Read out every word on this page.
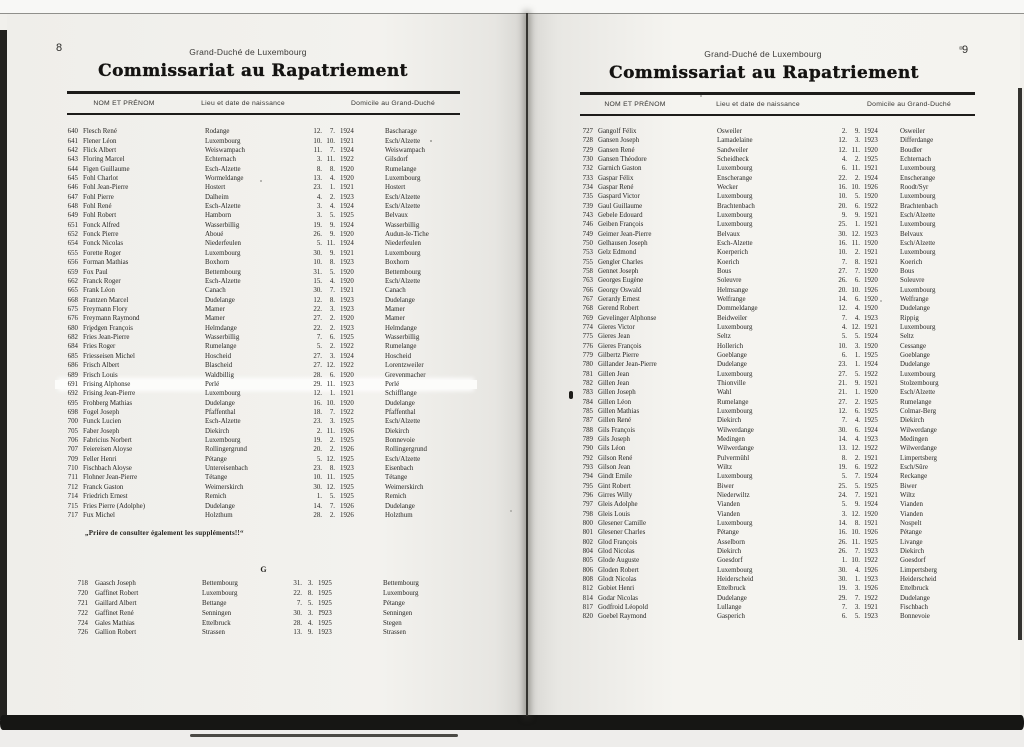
8	Grand-Duché de Luxembourg
Commissariat au Rapatriement
NOM ET PRÉNOM	Lieu et date de naissance	Domicile au Grand-Duché
640 Flesch René	Rodange	12.	7. 1924	Bascharage
641 Flener Léon	Luxembourg	10. 10. 1921	Esch/Alzette
642 Flick Albert	Weiswampach	11.	7. 1924	Weiswampach
643 Floring Marcel	Echternach	3. 11. 1922	Gilsdorf
644 Figen Guillaume	Esch-Alzette	8.	8. 1920	Rumelange
645 Fohl Charlot	Wormeldange	13.	4. 1920	Luxembourg
646 Fohl Jean-Pierre	Hostert	23.	1. 1921	Hostert
647 Fohl Pierre	Dalheim	4.	2. 1923	Esch/Alzette
648 Fohl René	Esch-Alzette	3.	4. 1924	Esch/Alzette
649 Fohl Robert	Hamborn	3.	5. 1925	Belvaux
651 Fonck Alfred	Wasserbillig	19.	9. 1924	Wasserbillig
652 Fonck Pierre	Aboué	26.	9. 1920	Audun-le-Tiche
654 Fonck Nicolas	Niederfeulen	5. 11. 1924	Niederfeulen
655 Forette Roger	Luxembourg	30.	9. 1921	Luxembourg
656 Forman Mathias	Boxhorn	10.	8. 1923	Boxhorn
659 Fox Paul	Bettembourg	31.	5. 1920	Bettembourg
662 Franck Roger	Esch-Alzette	15.	4. 1920	Esch/Alzette
665 Frank Léon	Canach	30.	7. 1921	Canach
668 Frantzen Marcel	Dudelange	12.	8. 1923	Dudelange
675 Freymann Flory	Mamer	22.	3. 1923	Mamer
676 Freymann Raymond	Mamer	27.	2. 1920	Mamer
680 Friedgen François	Helmdange	22.	2. 1923	Helmdange
682 Fries Jean-Pierre	Wasserbillig	7.	6. 1925	Wasserbillig
684 Fries Roger	Rumelange	5.	2. 1922	Rumelange
685 Friesseisen Michel	Hoscheid	27.	3. 1924	Hoscheid
686 Frisch Albert	Blascheid	27. 12. 1922	Lorentzweiler
689 Frisch Louis	Waldbillig	28.	6. 1920	Grevenmacher
691 Frising Alphonse	Perlé	29. 11. 1923	Perlé
692 Frising Jean-Pierre	Luxembourg	12.	1. 1921	Schifflange
695 Frohberg Mathias	Dudelange	16. 10. 1920	Dudelange
698 Fogel Joseph	Pfaffenthal	18.	7. 1922	Pfaffenthal
700 Funck Lucien	Esch-Alzette	23.	3. 1925	Esch/Alzette
705 Faber Joseph	Diekirch	2. 11. 1926	Diekirch
706 Fabricius Norbert	Luxembourg	19.	2. 1925	Bonnevoie
707 Feiereisen Aloyse	Rollingergrund	20.	2. 1926	Rollingergrund
709 Feller Henri	Pétange	5. 12. 1925	Esch/Alzette
710 Fischbach Aloyse	Untereisenbach	23.	8. 1923	Eisenbach
711 Flohner Jean-Pierre	Tétange	10. 11. 1925	Tétange
712 Franck Gaston	Weimerskirch	30. 12. 1925	Weimerskirch
714 Friedrich Ernest	Remich	1.	5. 1925	Remich
715 Fries Pierre (Adolphe)	Dudelange	14.	7. 1926	Dudelange
717 Fux Michel	Holzthum	28.	2. 1926	Holzthum
„Prière de consulter également les suppléments!!“
G
718 Gaasch Joseph	Bettembourg	31. 3. 1925	Bettembourg
720 Gaffinet Robert	Luxembourg	22. 8. 1925	Luxembourg
721 Gaillard Albert	Bettange	7. 5. 1925	Pétange
722 Gaffinet René	Senningen	30. 3. 1923	Senningen
724 Gales Mathias	Ettelbruck	28. 4. 1925	Stegen
726 Gallion Robert	Strassen	13. 9. 1923	Strassen
9
Grand-Duché de Luxembourg
Commissariat au Rapatriement
NOM ET PRÉNOM	Lieu et date de naissance	Domicile au Grand-Duché
727 Gangolf Félix	Osweiler	2.	9. 1924	Osweiler
728 Gansen Joseph	Lamadelaine	12.	3. 1923	Differdange
729 Gansen René	Sandweiler	12. 11. 1920	Boudler
730 Gansen Théodore	Scheidheck	4.	2. 1925	Echternach
732 Garnich Gaston	Luxembourg	6. 11. 1921	Luxembourg
733 Gaspar Félix	Enscherange	22.	2. 1924	Enscherange
734 Gaspar René	Wecker	16. 10. 1926	Roodt/Syr
735 Gaspard Victor	Luxembourg	10.	5. 1920	Luxembourg
739 Gaul Guillaume	Brachtenbach	20.	6. 1922	Brachtenbach
743 Gebele Edouard	Luxembourg	9.	9. 1921	Esch/Alzette
746 Geiben François	Luxembourg	25.	1. 1921	Luxembourg
749 Geimer Jean-Pierre	Belvaux	30. 12. 1923	Belvaux
750 Gelhausen Joseph	Esch-Alzette	16. 11. 1920	Esch/Alzette
753 Gelz Edmond	Koerperich	10.	2. 1921	Luxembourg
755 Gengler Charles	Koerich	7.	8. 1921	Koerich
758 Gennet Joseph	Bous	27.	7. 1920	Bous
763 Georges Eugène	Soleuvre	26.	6. 1920	Soleuvre
766 Georgy Oswald	Helmsange	20. 10. 1926	Luxembourg
767 Gerardy Ernest	Welfrange	14.	6. 1920	Welfrange
768 Gerend Robert	Dommeldange	12.	4. 1920	Dudelange
769 Gevelinger Alphonse	Beidweiler	7.	4. 1923	Rippig
774 Gieres Victor	Luxembourg	4. 12. 1921	Luxembourg
775 Gieres Jean	Seltz	5.	5. 1924	Seltz
776 Gieres François	Hollerich	10.	3. 1920	Cessange
779 Gilbertz Pierre	Goeblange	6.	1. 1925	Goeblange
780 Gillander Jean-Pierre	Dudelange	23.	1. 1924	Dudelange
781 Gillen Jean	Luxembourg	27.	5. 1922	Luxembourg
782 Gillen Jean	Thionville	21.	9. 1921	Stolzembourg
783 Gillen Joseph	Wahl	21.	1. 1920	Esch/Alzette
784 Gillen Léon	Rumelange	27.	2. 1925	Rumelange
785 Gillen Mathias	Luxembourg	12.	6. 1925	Colmar-Berg
787 Gillen René	Diekirch	7.	4. 1925	Diekirch
788 Gils François	Wilwerdange	30.	6. 1924	Wilwerdange
789 Gils Joseph	Medingen	14.	4. 1923	Medingen
790 Gils Léon	Wilwerdange	13. 12. 1922	Wilwerdange
792 Gilson René	Pulvermühl	8.	2. 1921	Limpertsberg
793 Gilson Jean	Wiltz	19.	6. 1922	Esch/Sûre
794 Gindt Emile	Luxembourg	5.	7. 1924	Reckange
795 Gint Robert	Biwer	25.	5. 1925	Biwer
796 Girres Willy	Niederwiltz	24.	7. 1921	Wiltz
797 Gleis Adolphe	Vianden	5.	9. 1924	Vianden
798 Gleis Louis	Vianden	3. 12. 1920	Vianden
800 Glesener Camille	Luxembourg	14.	8. 1921	Nospelt
801 Glesener Charles	Pétange	16. 10. 1926	Pétange
802 Glod François	Asselborn	26. 11. 1925	Livange
804 Glod Nicolas	Diekirch	26.	7. 1923	Diekirch
805 Glode Auguste	Goesdorf	1. 10. 1922	Goesdorf
806 Gloden Robert	Luxembourg	30.	4. 1926	Limpertsberg
808 Glodt Nicolas	Heiderscheid	30.	1. 1923	Heiderscheid
812 Gobiet Henri	Ettelbruck	19.	3. 1926	Ettelbruck
814 Godar Nicolas	Dudelange	29.	7. 1922	Dudelange
817 Godfroid Léopold	Lullange	7.	3. 1921	Fischbach
820 Goebel Raymond	Gasperich	6.	5. 1923	Bonnevoie
